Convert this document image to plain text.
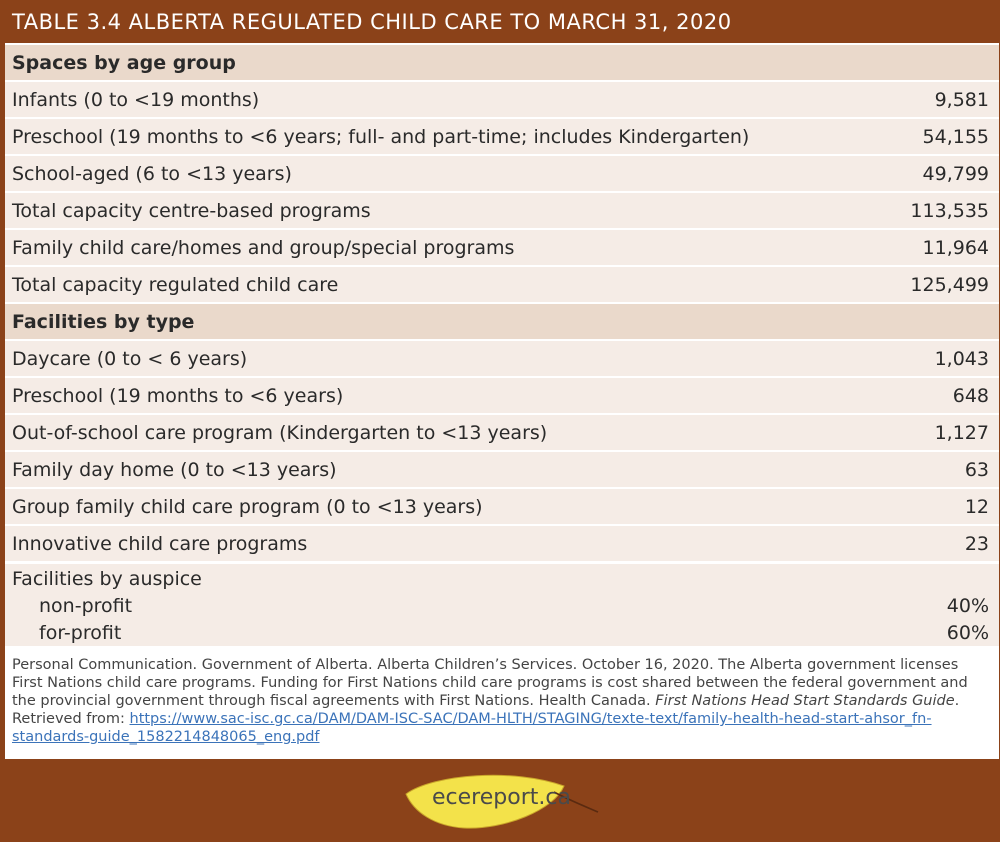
TABLE 3.4 ALBERTA REGULATED CHILD CARE TO MARCH 31, 2020
Spaces by age group
Infants (0 to <19 months)	9,581
Preschool (19 months to <6 years; full- and part-time; includes Kindergarten)	54,155
School-aged (6 to <13 years)	49,799
Total capacity centre-based programs	113,535
Family child care/homes and group/special programs	11,964
Total capacity regulated child care	125,499
Facilities by type
Daycare (0 to < 6 years)	1,043
Preschool (19 months to <6 years)	648
Out-of-school care program (Kindergarten to <13 years)	1,127
Family day home (0 to <13 years)	63
Group family child care program (0 to <13 years)	12
Innovative child care programs	23
Facilities by auspice
non-profit	40%
for-profit	60%
Personal Communication. Government of Alberta. Alberta Children’s Services. October 16, 2020. The Alberta government licenses First Nations child care programs. Funding for First Nations child care programs is cost shared between the federal government and the provincial government through fiscal agreements with First Nations. Health Canada. First Nations Head Start Standards Guide. Retrieved from: https://www.sac-isc.gc.ca/DAM/DAM-ISC-SAC/DAM-HLTH/STAGING/texte-text/family-health-head-start-ahsor_fn-standards-guide_1582214848065_eng.pdf
ecereport.ca
